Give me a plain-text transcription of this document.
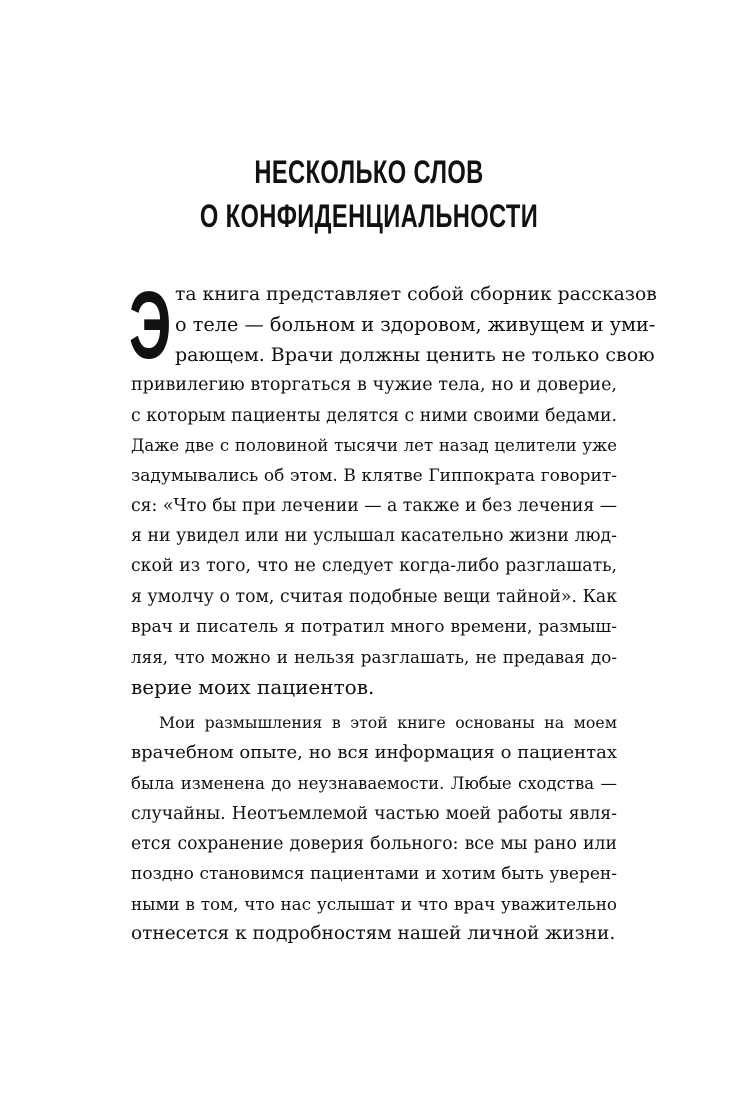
НЕСКОЛЬКО СЛОВ
О КОНФИДЕНЦИАЛЬНОСТИ
Э та книга представляет собой сборник рассказов
о теле — больном и здоровом, живущем и уми-
рающем. Врачи должны ценить не только свою
привилегию вторгаться в чужие тела, но и доверие,
с которым пациенты делятся с ними своими бедами.
Даже две с половиной тысячи лет назад целители уже
задумывались об этом. В клятве Гиппократа говорит-
ся: «Что бы при лечении — а также и без лечения —
я ни увидел или ни услышал касательно жизни люд-
ской из того, что не следует когда-либо разглашать,
я умолчу о том, считая подобные вещи тайной». Как
врач и писатель я потратил много времени, размыш-
ляя, что можно и нельзя разглашать, не предавая до-
верие моих пациентов.
Мои размышления в этой книге основаны на моем
врачебном опыте, но вся информация о пациентах
была изменена до неузнаваемости. Любые сходства —
случайны. Неотъемлемой частью моей работы явля-
ется сохранение доверия больного: все мы рано или
поздно становимся пациентами и хотим быть уверен-
ными в том, что нас услышат и что врач уважительно
отнесется к подробностям нашей личной жизни.
